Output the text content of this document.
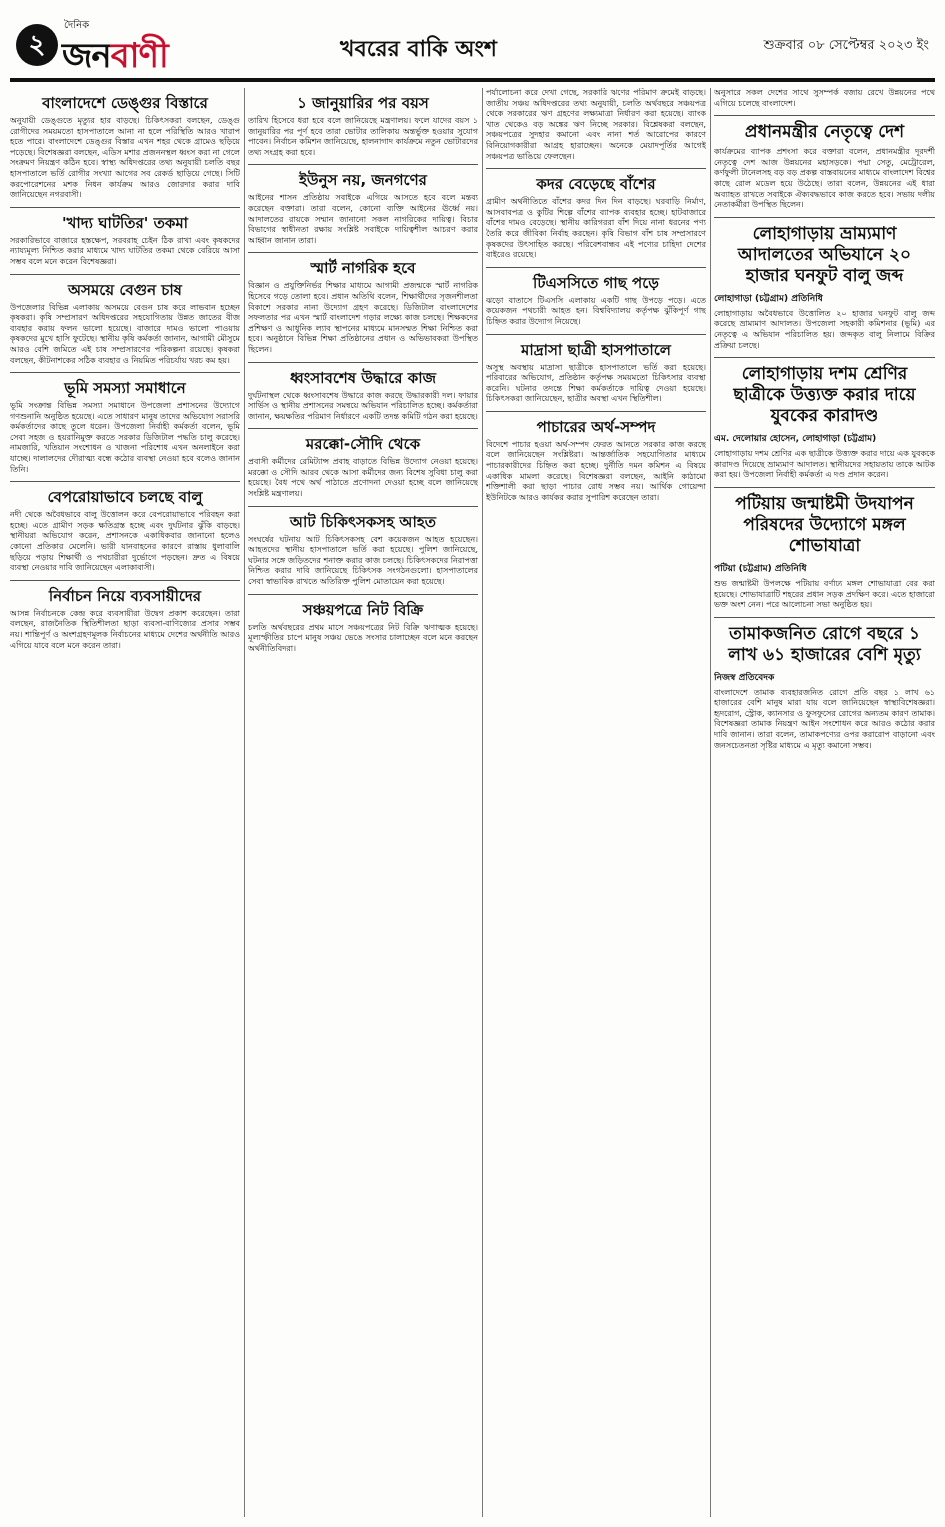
২
দৈনিক
জনবাণী	খবরের বাকি অংশ	শুক্রবার ০৮ সেপ্টেম্বর ২০২৩ ইং
বাংলাদেশে ডেঙ্গুর বিস্তারে

অনুযায়ী ডেঙ্গুতে মৃত্যুর হার বাড়ছে। চিকিৎসকরা বলছেন, ডেঙ্গু রোগীদের সময়মতো হাসপাতালে আনা না হলে পরিস্থিতি আরও খারাপ হতে পারে। বাংলাদেশে ডেঙ্গুর বিস্তার এখন শহর থেকে গ্রামেও ছড়িয়ে পড়েছে। বিশেষজ্ঞরা বলছেন, এডিস মশার প্রজননস্থল ধ্বংস করা না গেলে সংক্রমণ নিয়ন্ত্রণ কঠিন হবে। স্বাস্থ্য অধিদপ্তরের তথ্য অনুযায়ী চলতি বছর হাসপাতালে ভর্তি রোগীর সংখ্যা আগের সব রেকর্ড ছাড়িয়ে গেছে। সিটি করপোরেশনের মশক নিধন কার্যক্রম আরও জোরদার করার দাবি জানিয়েছেন নগরবাসী।

'খাদ্য ঘাটতির' তকমা

সরকারিভাবে বাজারে হস্তক্ষেপ, সরবরাহ চেইন ঠিক রাখা এবং কৃষকদের ন্যায্যমূল্য নিশ্চিত করার মাধ্যমে খাদ্য ঘাটতির তকমা থেকে বেরিয়ে আসা সম্ভব বলে মনে করেন বিশেষজ্ঞরা।

অসময়ে বেগুন চাষ

উপজেলার বিভিন্ন এলাকায় অসময়ে বেগুন চাষ করে লাভবান হচ্ছেন কৃষকরা। কৃষি সম্প্রসারণ অধিদপ্তরের সহযোগিতায় উন্নত জাতের বীজ ব্যবহার করায় ফলন ভালো হয়েছে। বাজারে দামও ভালো পাওয়ায় কৃষকদের মুখে হাসি ফুটেছে। স্থানীয় কৃষি কর্মকর্তা জানান, আগামী মৌসুমে আরও বেশি জমিতে এই চাষ সম্প্রসারণের পরিকল্পনা রয়েছে। কৃষকরা বলছেন, কীটনাশকের সঠিক ব্যবহার ও নিয়মিত পরিচর্যায় খরচ কম হয়।

ভূমি সমস্যা সমাধানে

ভূমি সংক্রান্ত বিভিন্ন সমস্যা সমাধানে উপজেলা প্রশাসনের উদ্যোগে গণশুনানি অনুষ্ঠিত হয়েছে। এতে সাধারণ মানুষ তাদের অভিযোগ সরাসরি কর্মকর্তাদের কাছে তুলে ধরেন। উপজেলা নির্বাহী কর্মকর্তা বলেন, ভূমি সেবা সহজ ও হয়রানিমুক্ত করতে সরকার ডিজিটাল পদ্ধতি চালু করেছে। নামজারি, খতিয়ান সংশোধন ও খাজনা পরিশোধ এখন অনলাইনে করা যাচ্ছে। দালালদের দৌরাত্ম্য বন্ধে কঠোর ব্যবস্থা নেওয়া হবে বলেও জানান তিনি।

বেপরোয়াভাবে চলছে বালু

নদী থেকে অবৈধভাবে বালু উত্তোলন করে বেপরোয়াভাবে পরিবহন করা হচ্ছে। এতে গ্রামীণ সড়ক ক্ষতিগ্রস্ত হচ্ছে এবং দুর্ঘটনার ঝুঁকি বাড়ছে। স্থানীয়রা অভিযোগ করেন, প্রশাসনকে একাধিকবার জানানো হলেও কোনো প্রতিকার মেলেনি। ভারী যানবাহনের কারণে রাস্তায় ধুলাবালি ছড়িয়ে পড়ায় শিক্ষার্থী ও পথচারীরা দুর্ভোগে পড়ছেন। দ্রুত এ বিষয়ে ব্যবস্থা নেওয়ার দাবি জানিয়েছেন এলাকাবাসী।

নির্বাচন নিয়ে ব্যবসায়ীদের

আসন্ন নির্বাচনকে কেন্দ্র করে ব্যবসায়ীরা উদ্বেগ প্রকাশ করেছেন। তারা বলছেন, রাজনৈতিক স্থিতিশীলতা ছাড়া ব্যবসা-বাণিজ্যের প্রসার সম্ভব নয়। শান্তিপূর্ণ ও অংশগ্রহণমূলক নির্বাচনের মাধ্যমে দেশের অর্থনীতি আরও এগিয়ে যাবে বলে মনে করেন তারা।

১ জানুয়ারির পর বয়স

তারিখ হিসেবে ধরা হবে বলে জানিয়েছে মন্ত্রণালয়। ফলে যাদের বয়স ১ জানুয়ারির পর পূর্ণ হবে তারা ভোটার তালিকায় অন্তর্ভুক্ত হওয়ার সুযোগ পাবেন। নির্বাচন কমিশন জানিয়েছে, হালনাগাদ কার্যক্রমে নতুন ভোটারদের তথ্য সংগ্রহ করা হবে।

ইউনুস নয়, জনগণের

আইনের শাসন প্রতিষ্ঠায় সবাইকে এগিয়ে আসতে হবে বলে মন্তব্য করেছেন বক্তারা। তারা বলেন, কোনো ব্যক্তি আইনের ঊর্ধ্বে নয়। আদালতের রায়কে সম্মান জানানো সকল নাগরিকের দায়িত্ব। বিচার বিভাগের স্বাধীনতা রক্ষায় সংশ্লিষ্ট সবাইকে দায়িত্বশীল আচরণ করার আহ্বান জানান তারা।

স্মার্ট নাগরিক হবে

বিজ্ঞান ও প্রযুক্তিনির্ভর শিক্ষার মাধ্যমে আগামী প্রজন্মকে স্মার্ট নাগরিক হিসেবে গড়ে তোলা হবে। প্রধান অতিথি বলেন, শিক্ষার্থীদের সৃজনশীলতা বিকাশে সরকার নানা উদ্যোগ গ্রহণ করেছে। ডিজিটাল বাংলাদেশের সফলতার পর এখন স্মার্ট বাংলাদেশ গড়ার লক্ষ্যে কাজ চলছে। শিক্ষকদের প্রশিক্ষণ ও আধুনিক ল্যাব স্থাপনের মাধ্যমে মানসম্মত শিক্ষা নিশ্চিত করা হবে। অনুষ্ঠানে বিভিন্ন শিক্ষা প্রতিষ্ঠানের প্রধান ও অভিভাবকরা উপস্থিত ছিলেন।

ধ্বংসাবশেষ উদ্ধারে কাজ

দুর্ঘটনাস্থল থেকে ধ্বংসাবশেষ উদ্ধারে কাজ করছে উদ্ধারকারী দল। ফায়ার সার্ভিস ও স্থানীয় প্রশাসনের সমন্বয়ে অভিযান পরিচালিত হচ্ছে। কর্মকর্তারা জানান, ক্ষয়ক্ষতির পরিমাণ নির্ধারণে একটি তদন্ত কমিটি গঠন করা হয়েছে।

মরক্কো-সৌদি থেকে

প্রবাসী কর্মীদের রেমিট্যান্স প্রবাহ বাড়াতে বিভিন্ন উদ্যোগ নেওয়া হয়েছে। মরক্কো ও সৌদি আরব থেকে আসা কর্মীদের জন্য বিশেষ সুবিধা চালু করা হয়েছে। বৈধ পথে অর্থ পাঠাতে প্রণোদনা দেওয়া হচ্ছে বলে জানিয়েছে সংশ্লিষ্ট মন্ত্রণালয়।

আট চিকিৎসকসহ আহত

সংঘর্ষের ঘটনায় আট চিকিৎসকসহ বেশ কয়েকজন আহত হয়েছেন। আহতদের স্থানীয় হাসপাতালে ভর্তি করা হয়েছে। পুলিশ জানিয়েছে, ঘটনার সঙ্গে জড়িতদের শনাক্ত করার কাজ চলছে। চিকিৎসকদের নিরাপত্তা নিশ্চিত করার দাবি জানিয়েছে চিকিৎসক সংগঠনগুলো। হাসপাতালের সেবা স্বাভাবিক রাখতে অতিরিক্ত পুলিশ মোতায়েন করা হয়েছে।

সঞ্চয়পত্রে নিট বিক্রি

চলতি অর্থবছরের প্রথম মাসে সঞ্চয়পত্রের নিট বিক্রি ঋণাত্মক হয়েছে। মূল্যস্ফীতির চাপে মানুষ সঞ্চয় ভেঙে সংসার চালাচ্ছেন বলে মনে করছেন অর্থনীতিবিদরা।

পর্যালোচনা করে দেখা গেছে, সরকারি ঋণের পরিমাণ ক্রমেই বাড়ছে। জাতীয় সঞ্চয় অধিদপ্তরের তথ্য অনুযায়ী, চলতি অর্থবছরে সঞ্চয়পত্র থেকে সরকারের ঋণ গ্রহণের লক্ষ্যমাত্রা নির্ধারণ করা হয়েছে। ব্যাংক খাত থেকেও বড় অঙ্কের ঋণ নিচ্ছে সরকার। বিশ্লেষকরা বলছেন, সঞ্চয়পত্রের সুদহার কমানো এবং নানা শর্ত আরোপের কারণে বিনিয়োগকারীরা আগ্রহ হারাচ্ছেন। অনেকে মেয়াদপূর্তির আগেই সঞ্চয়পত্র ভাঙিয়ে ফেলছেন।

কদর বেড়েছে বাঁশের

গ্রামীণ অর্থনীতিতে বাঁশের কদর দিন দিন বাড়ছে। ঘরবাড়ি নির্মাণ, আসবাবপত্র ও কুটির শিল্পে বাঁশের ব্যাপক ব্যবহার হচ্ছে। হাটবাজারে বাঁশের দামও বেড়েছে। স্থানীয় কারিগররা বাঁশ দিয়ে নানা ধরনের পণ্য তৈরি করে জীবিকা নির্বাহ করছেন। কৃষি বিভাগ বাঁশ চাষ সম্প্রসারণে কৃষকদের উৎসাহিত করছে। পরিবেশবান্ধব এই পণ্যের চাহিদা দেশের বাইরেও রয়েছে।

টিএসসিতে গাছ পড়ে

ঝড়ো বাতাসে টিএসসি এলাকায় একটি গাছ উপড়ে পড়ে। এতে কয়েকজন পথচারী আহত হন। বিশ্ববিদ্যালয় কর্তৃপক্ষ ঝুঁকিপূর্ণ গাছ চিহ্নিত করার উদ্যোগ নিয়েছে।

মাদ্রাসা ছাত্রী হাসপাতালে

অসুস্থ অবস্থায় মাদ্রাসা ছাত্রীকে হাসপাতালে ভর্তি করা হয়েছে। পরিবারের অভিযোগ, প্রতিষ্ঠান কর্তৃপক্ষ সময়মতো চিকিৎসার ব্যবস্থা করেনি। ঘটনার তদন্তে শিক্ষা কর্মকর্তাকে দায়িত্ব দেওয়া হয়েছে। চিকিৎসকরা জানিয়েছেন, ছাত্রীর অবস্থা এখন স্থিতিশীল।

পাচারের অর্থ-সম্পদ

বিদেশে পাচার হওয়া অর্থ-সম্পদ ফেরত আনতে সরকার কাজ করছে বলে জানিয়েছেন সংশ্লিষ্টরা। আন্তর্জাতিক সহযোগিতার মাধ্যমে পাচারকারীদের চিহ্নিত করা হচ্ছে। দুর্নীতি দমন কমিশন এ বিষয়ে একাধিক মামলা করেছে। বিশেষজ্ঞরা বলছেন, আইনি কাঠামো শক্তিশালী করা ছাড়া পাচার রোধ সম্ভব নয়। আর্থিক গোয়েন্দা ইউনিটকে আরও কার্যকর করার সুপারিশ করেছেন তারা।

অনুসারে সকল দেশের সাথে সুসম্পর্ক বজায় রেখে উন্নয়নের পথে এগিয়ে চলেছে বাংলাদেশ।

প্রধানমন্ত্রীর নেতৃত্বে দেশ

কার্যক্রমের ব্যাপক প্রশংসা করে বক্তারা বলেন, প্রধানমন্ত্রীর দূরদর্শী নেতৃত্বে দেশ আজ উন্নয়নের মহাসড়কে। পদ্মা সেতু, মেট্রোরেল, কর্ণফুলী টানেলসহ বড় বড় প্রকল্প বাস্তবায়নের মাধ্যমে বাংলাদেশ বিশ্বের কাছে রোল মডেল হয়ে উঠেছে। তারা বলেন, উন্নয়নের এই ধারা অব্যাহত রাখতে সবাইকে ঐক্যবদ্ধভাবে কাজ করতে হবে। সভায় দলীয় নেতাকর্মীরা উপস্থিত ছিলেন।

লোহাগাড়ায় ভ্রাম্যমাণ আদালতের অভিযানে ২০ হাজার ঘনফুট বালু জব্দ
লোহাগাড়া (চট্টগ্রাম) প্রতিনিধি

লোহাগাড়ায় অবৈধভাবে উত্তোলিত ২০ হাজার ঘনফুট বালু জব্দ করেছে ভ্রাম্যমাণ আদালত। উপজেলা সহকারী কমিশনার (ভূমি) এর নেতৃত্বে এ অভিযান পরিচালিত হয়। জব্দকৃত বালু নিলামে বিক্রির প্রক্রিয়া চলছে।

লোহাগাড়ায় দশম শ্রেণির ছাত্রীকে উত্ত্যক্ত করার দায়ে যুবকের কারাদণ্ড
এম. দেলোয়ার হোসেন, লোহাগাড়া (চট্টগ্রাম)

লোহাগাড়ায় দশম শ্রেণির এক ছাত্রীকে উত্ত্যক্ত করার দায়ে এক যুবককে কারাদণ্ড দিয়েছে ভ্রাম্যমাণ আদালত। স্থানীয়দের সহায়তায় তাকে আটক করা হয়। উপজেলা নির্বাহী কর্মকর্তা এ দণ্ড প্রদান করেন।

পটিয়ায় জন্মাষ্টমী উদযাপন পরিষদের উদ্যোগে মঙ্গল শোভাযাত্রা
পটিয়া (চট্টগ্রাম) প্রতিনিধি

শুভ জন্মাষ্টমী উপলক্ষে পটিয়ায় বর্ণাঢ্য মঙ্গল শোভাযাত্রা বের করা হয়েছে। শোভাযাত্রাটি শহরের প্রধান সড়ক প্রদক্ষিণ করে। এতে হাজারো ভক্ত অংশ নেন। পরে আলোচনা সভা অনুষ্ঠিত হয়।

তামাকজনিত রোগে বছরে ১ লাখ ৬১ হাজারের বেশি মৃত্যু
নিজস্ব প্রতিবেদক

বাংলাদেশে তামাক ব্যবহারজনিত রোগে প্রতি বছর ১ লাখ ৬১ হাজারের বেশি মানুষ মারা যায় বলে জানিয়েছেন স্বাস্থ্যবিশেষজ্ঞরা। হৃদরোগ, স্ট্রোক, ক্যানসার ও ফুসফুসের রোগের অন্যতম কারণ তামাক। বিশেষজ্ঞরা তামাক নিয়ন্ত্রণ আইন সংশোধন করে আরও কঠোর করার দাবি জানান। তারা বলেন, তামাকপণ্যের ওপর করারোপ বাড়ানো এবং জনসচেতনতা সৃষ্টির মাধ্যমে এ মৃত্যু কমানো সম্ভব।
